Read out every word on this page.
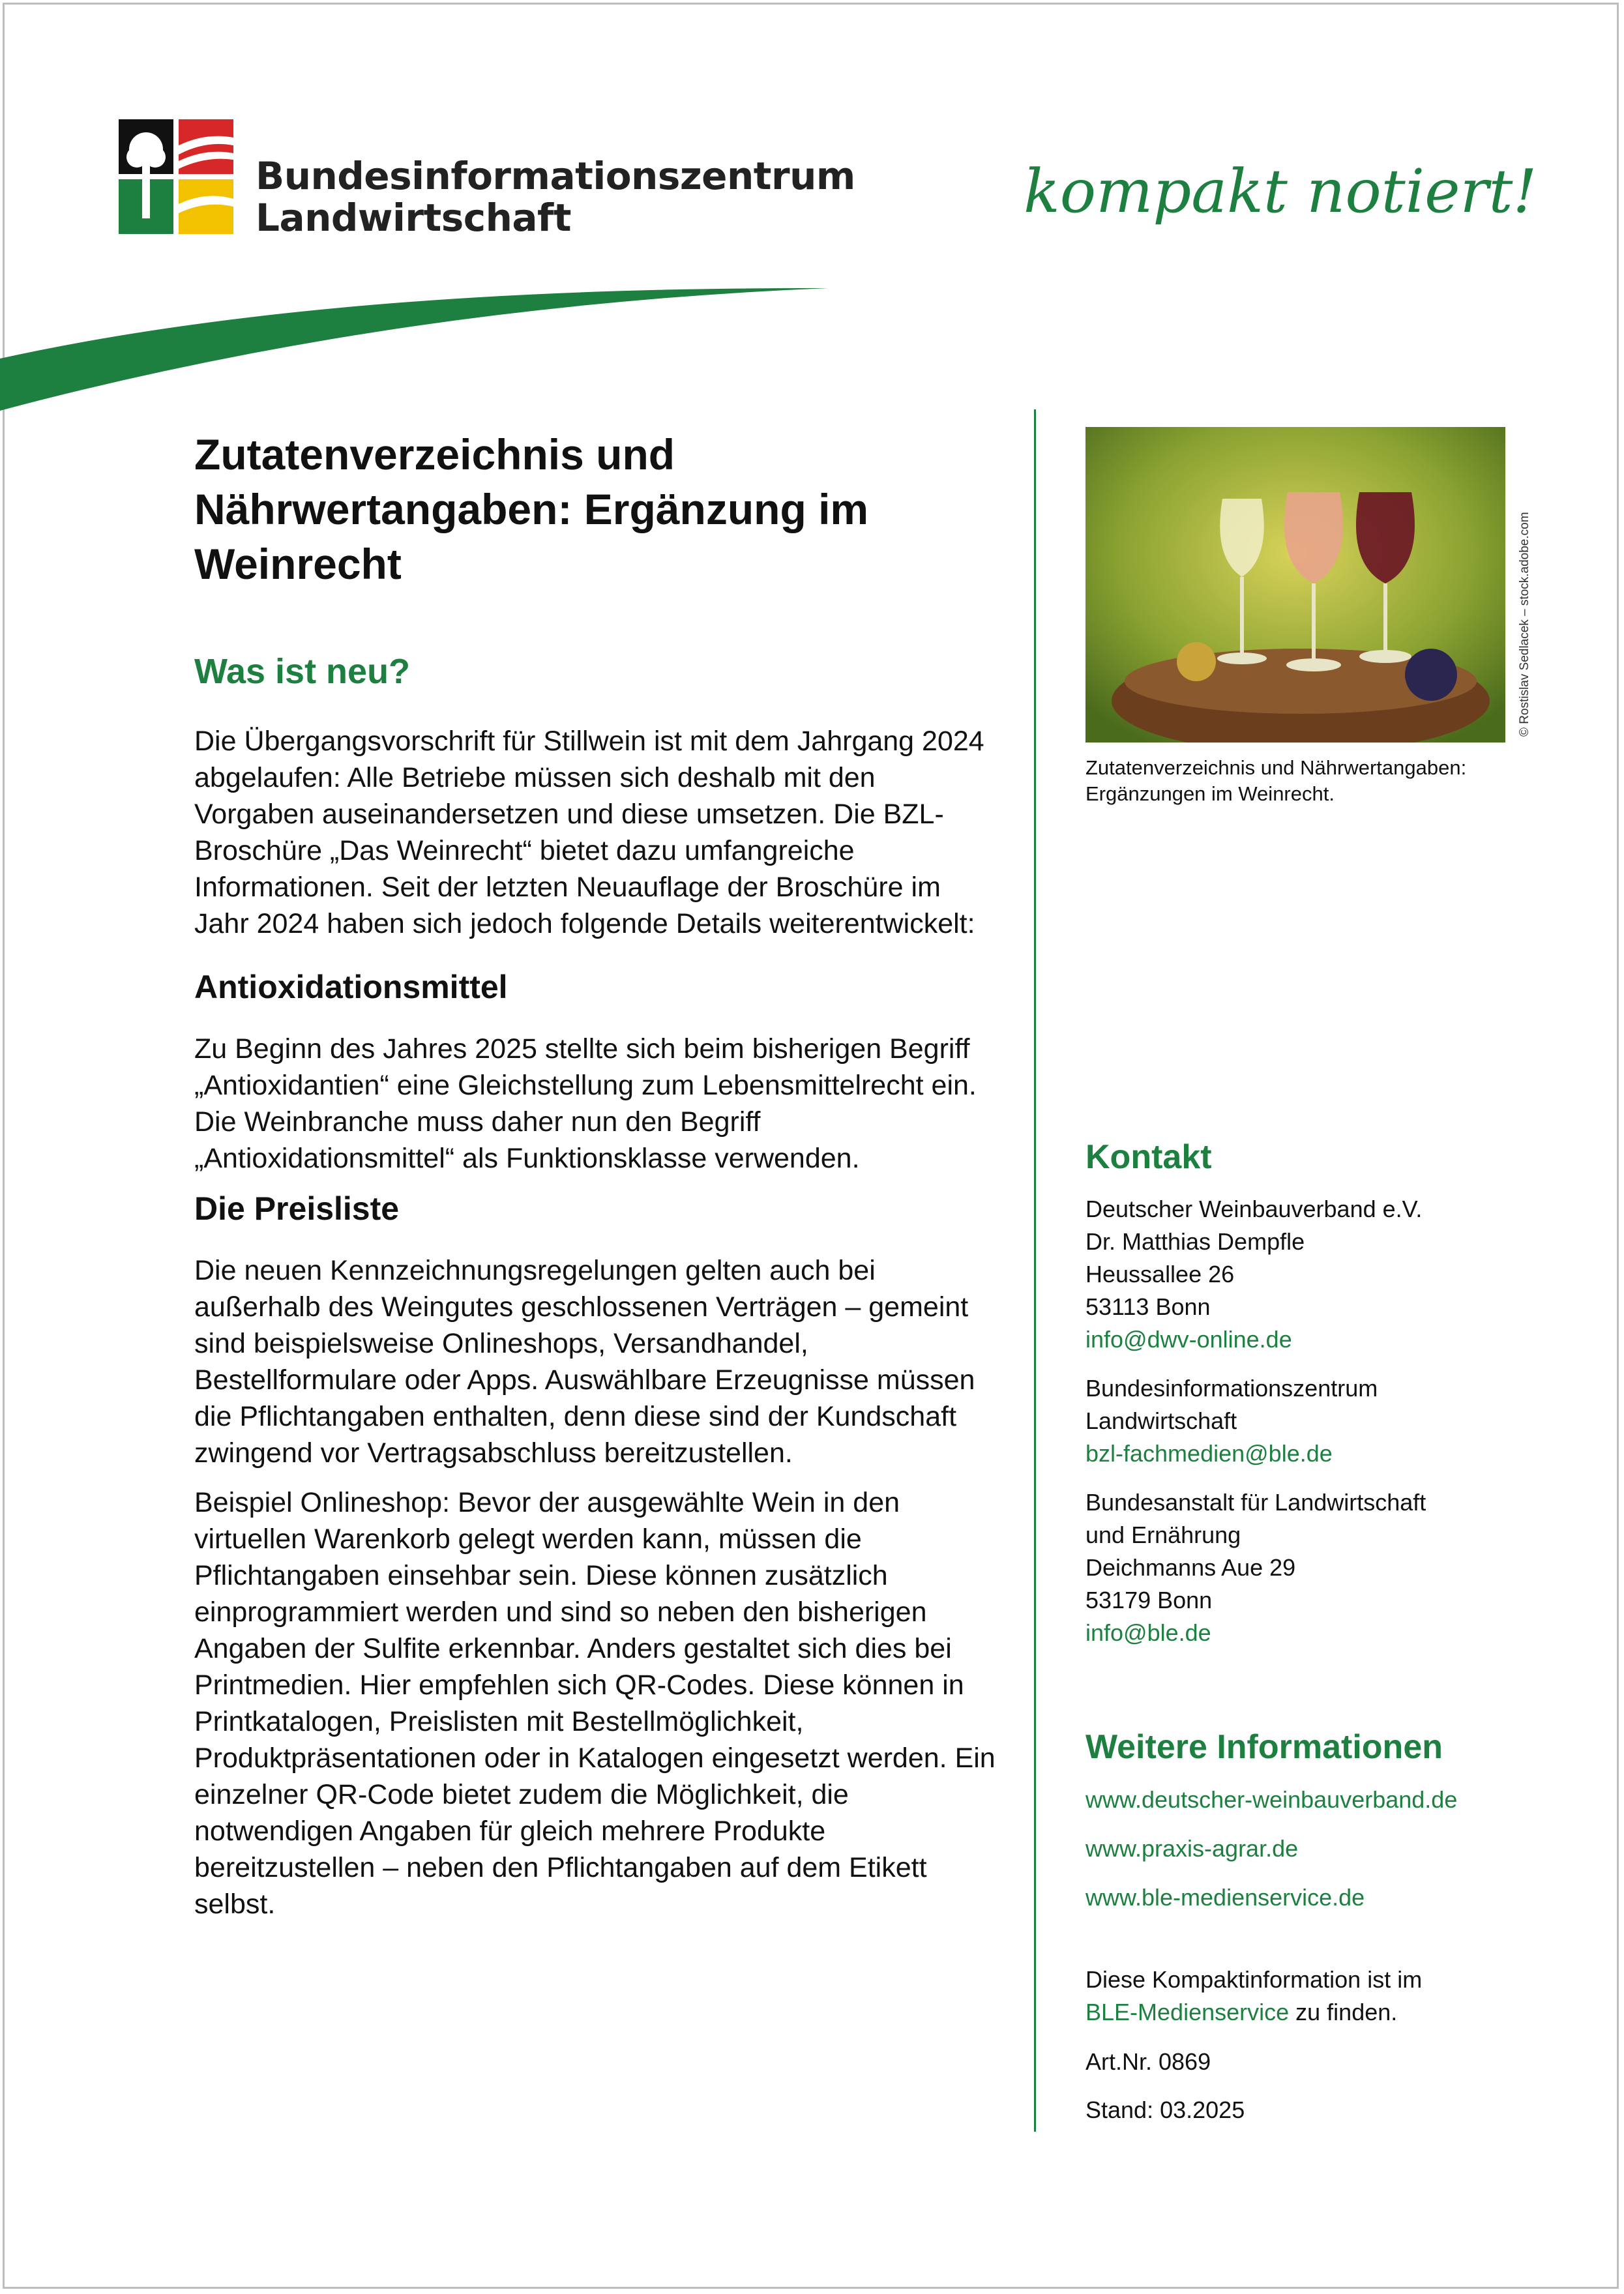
Bundesinformationszentrum
Landwirtschaft	kompakt notiert!
Zutatenverzeichnis und Nährwertangaben: Ergänzung im Weinrecht
Was ist neu?

Die Übergangsvorschrift für Stillwein ist mit dem Jahrgang 2024 abgelaufen: Alle Betriebe müssen sich deshalb mit den Vorgaben auseinandersetzen und diese umsetzen. Die BZL-Broschüre „Das Weinrecht“ bietet dazu umfangreiche Informationen. Seit der letzten Neuauflage der Broschüre im Jahr 2024 haben sich jedoch folgende Details weiterentwickelt:

Antioxidationsmittel

Zu Beginn des Jahres 2025 stellte sich beim bisherigen Begriff „Antioxidantien“ eine Gleichstellung zum Lebensmittelrecht ein. Die Weinbranche muss daher nun den Begriff „Antioxidationsmittel“ als Funktionsklasse verwenden.

Die Preisliste

Die neuen Kennzeichnungsregelungen gelten auch bei außerhalb des Weingutes geschlossenen Verträgen – gemeint sind beispielsweise Onlineshops, Versandhandel, Bestellformulare oder Apps. Auswählbare Erzeugnisse müssen die Pflichtangaben enthalten, denn diese sind der Kundschaft zwingend vor Vertragsabschluss bereitzustellen.

Beispiel Onlineshop: Bevor der ausgewählte Wein in den virtuellen Warenkorb gelegt werden kann, müssen die Pflichtangaben einsehbar sein. Diese können zusätzlich einprogrammiert werden und sind so neben den bisherigen Angaben der Sulfite erkennbar. Anders gestaltet sich dies bei Printmedien. Hier empfehlen sich QR-Codes. Diese können in Printkatalogen, Preislisten mit Bestellmöglichkeit, Produktpräsentationen oder in Katalogen eingesetzt werden. Ein einzelner QR-Code bietet zudem die Möglichkeit, die notwendigen Angaben für gleich mehrere Produkte bereitzustellen – neben den Pflichtangaben auf dem Etikett selbst.

© Rostislav Sedlacek – stock.adobe.com
Zutatenverzeichnis und Nährwertangaben: Ergänzungen im Weinrecht.
Kontakt

Deutscher Weinbauverband e.V.

Dr. Matthias Dempfle

Heussallee 26

53113 Bonn

info@dwv-online.de

Bundesinformationszentrum

Landwirtschaft

bzl-fachmedien@ble.de

Bundesanstalt für Landwirtschaft

und Ernährung

Deichmanns Aue 29

53179 Bonn

info@ble.de

Weitere Informationen
www.deutscher-weinbauverband.de
www.praxis-agrar.de
www.ble-medienservice.de
Diese Kompaktinformation ist im
BLE-Medienservice zu finden.
Art.Nr. 0869
Stand: 03.2025
